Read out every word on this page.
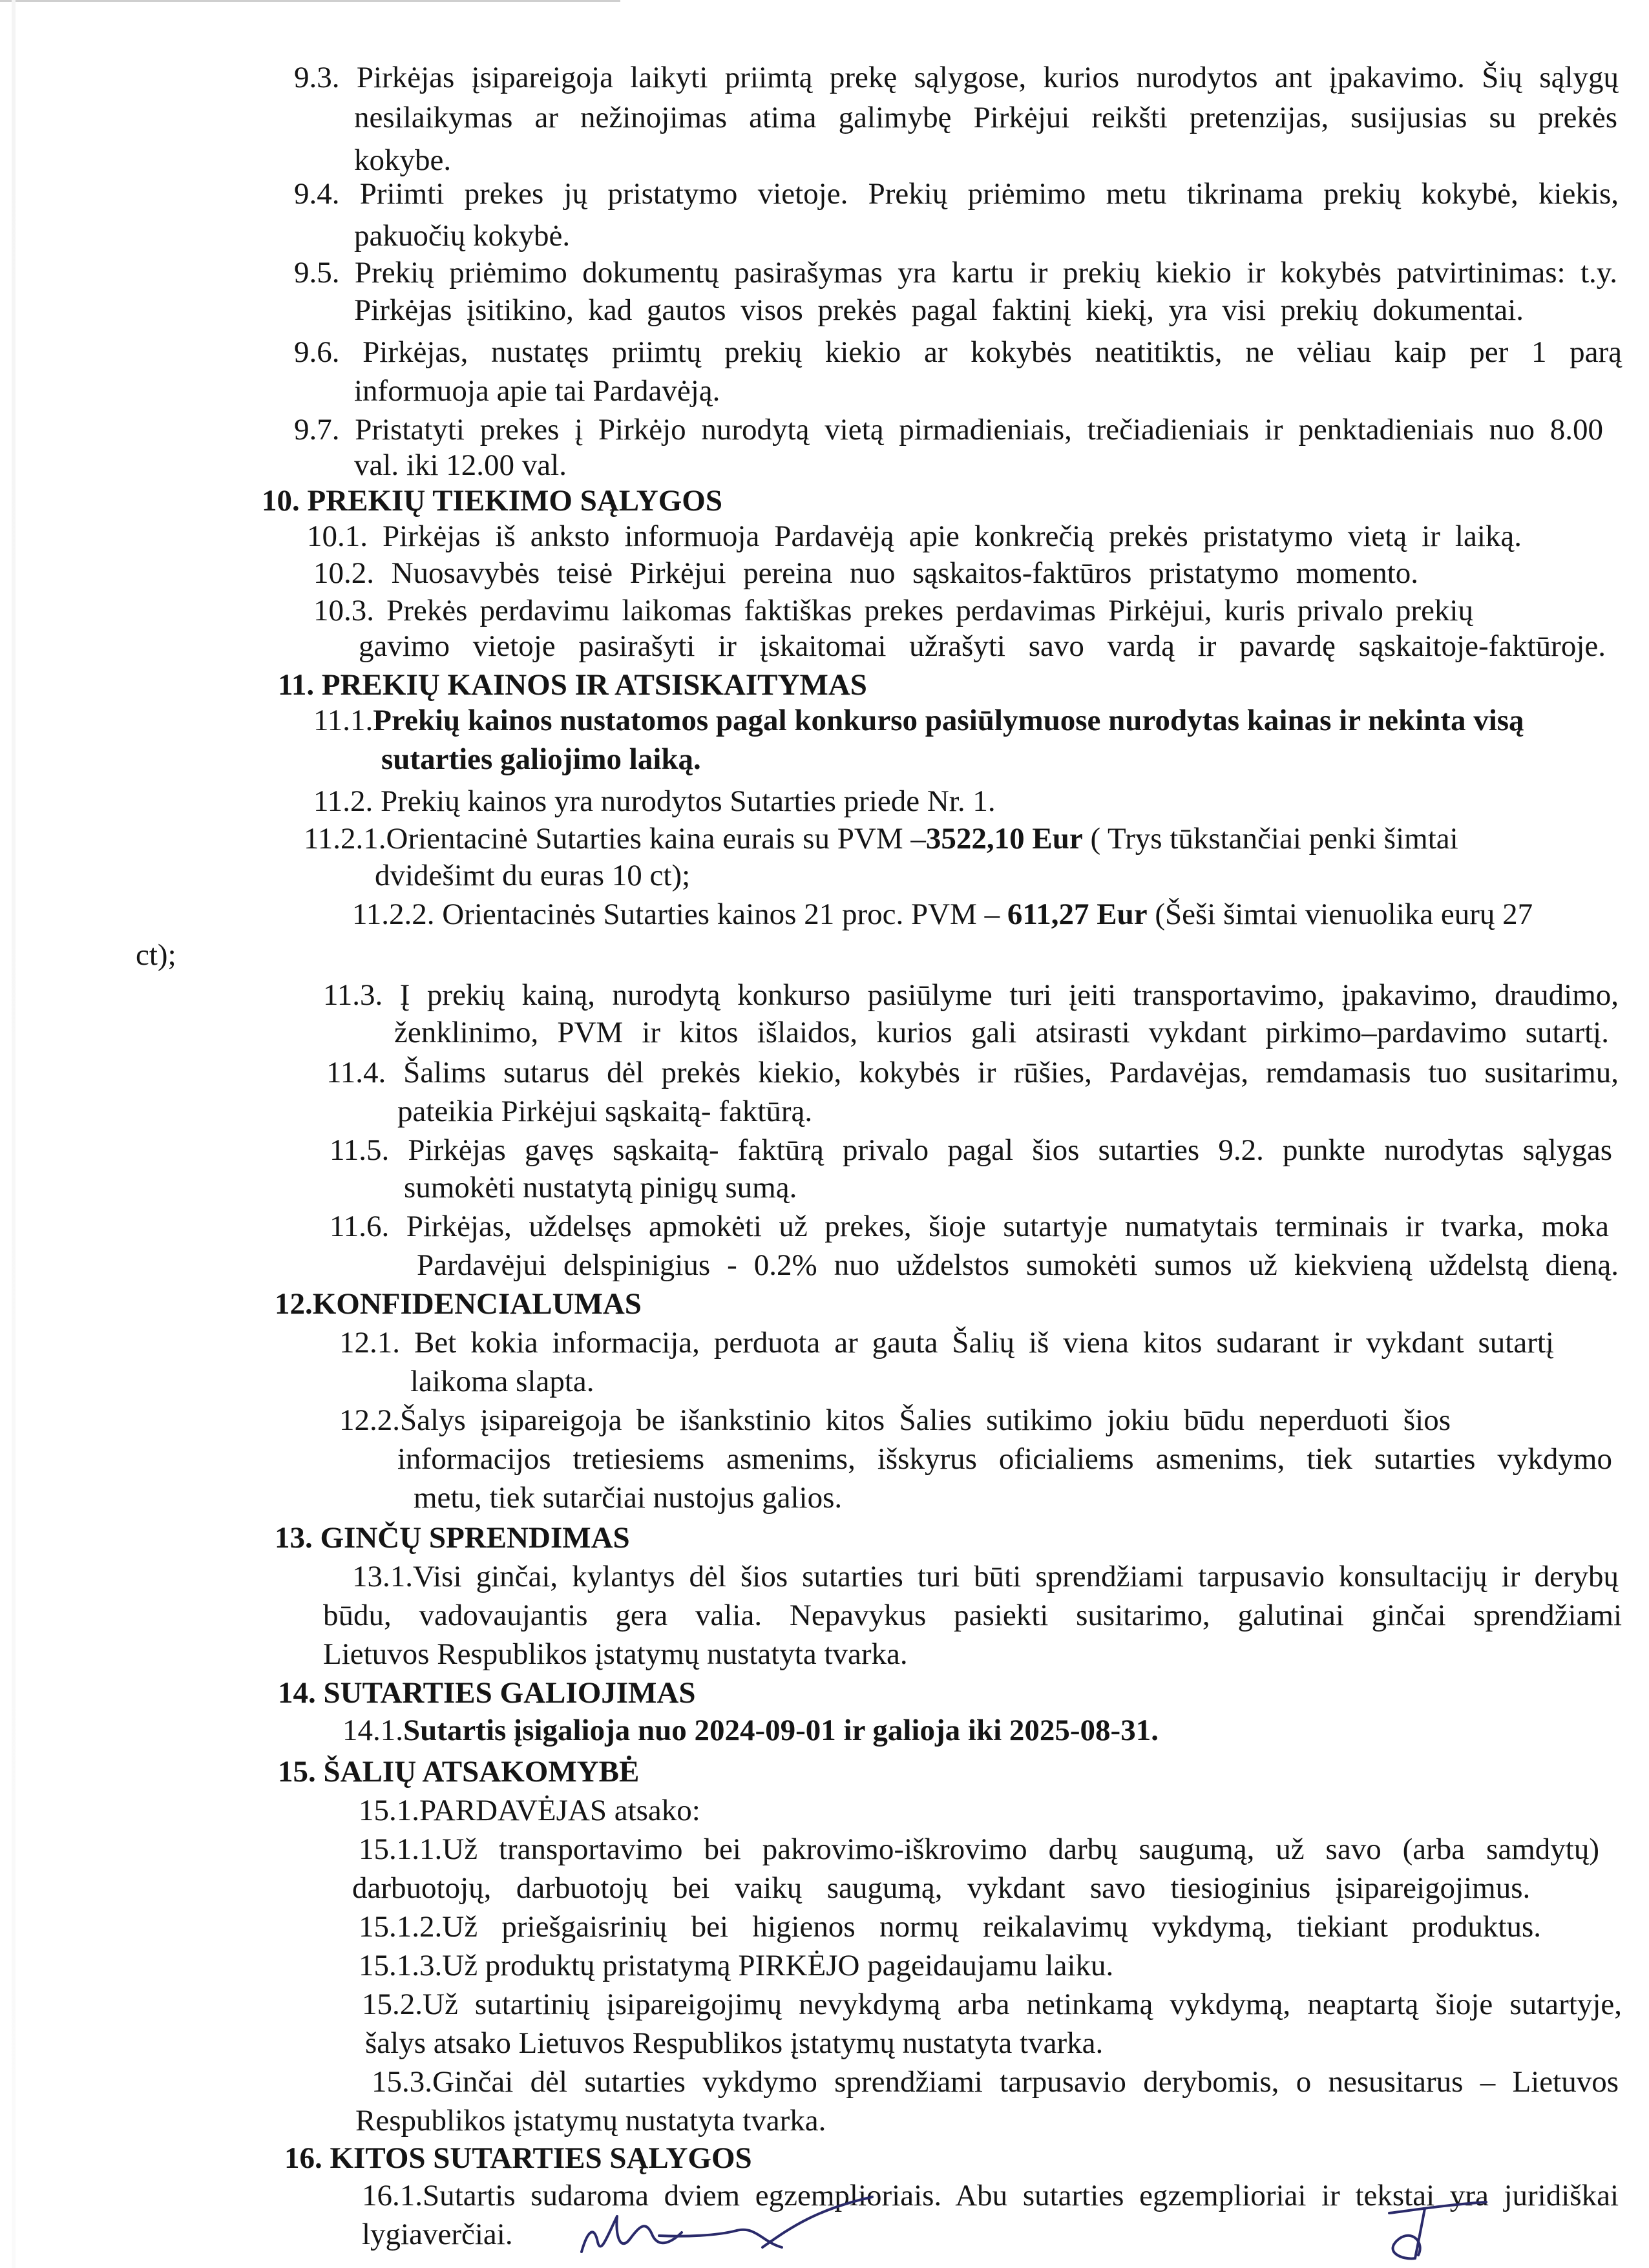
9.3. Pirkėjas įsipareigoja laikyti priimtą prekę sąlygose, kurios nurodytos ant įpakavimo. Šių sąlygų
nesilaikymas ar nežinojimas atima galimybę Pirkėjui reikšti pretenzijas, susijusias su prekės
kokybe.
9.4. Priimti prekes jų pristatymo vietoje. Prekių priėmimo metu tikrinama prekių kokybė, kiekis,
pakuočių kokybė.
9.5. Prekių priėmimo dokumentų pasirašymas yra kartu ir prekių kiekio ir kokybės patvirtinimas: t.y.
Pirkėjas įsitikino, kad gautos visos prekės pagal faktinį kiekį, yra visi prekių dokumentai.
9.6. Pirkėjas, nustatęs priimtų prekių kiekio ar kokybės neatitiktis, ne vėliau kaip per 1 parą
informuoja apie tai Pardavėją.
9.7. Pristatyti prekes į Pirkėjo nurodytą vietą pirmadieniais, trečiadieniais ir penktadieniais nuo 8.00
val. iki 12.00 val.
10. PREKIŲ TIEKIMO SĄLYGOS
10.1. Pirkėjas iš anksto informuoja Pardavėją apie konkrečią prekės pristatymo vietą ir laiką.
10.2. Nuosavybės teisė Pirkėjui pereina nuo sąskaitos-faktūros pristatymo momento.
10.3. Prekės perdavimu laikomas faktiškas prekes perdavimas Pirkėjui, kuris privalo prekių
gavimo vietoje pasirašyti ir įskaitomai užrašyti savo vardą ir pavardę sąskaitoje-faktūroje.
11. PREKIŲ KAINOS IR ATSISKAITYMAS
11.1.Prekių kainos nustatomos pagal konkurso pasiūlymuose nurodytas kainas ir nekinta visą
sutarties galiojimo laiką.
11.2. Prekių kainos yra nurodytos Sutarties priede Nr. 1.
11.2.1.Orientacinė Sutarties kaina eurais su PVM –3522,10 Eur ( Trys tūkstančiai penki šimtai
dvidešimt du euras 10 ct);
11.2.2. Orientacinės Sutarties kainos 21 proc. PVM – 611,27 Eur (Šeši šimtai vienuolika eurų 27
ct);
11.3. Į prekių kainą, nurodytą konkurso pasiūlyme turi įeiti transportavimo, įpakavimo, draudimo,
ženklinimo, PVM ir kitos išlaidos, kurios gali atsirasti vykdant pirkimo–pardavimo sutartį.
11.4. Šalims sutarus dėl prekės kiekio, kokybės ir rūšies, Pardavėjas, remdamasis tuo susitarimu,
pateikia Pirkėjui sąskaitą- faktūrą.
11.5. Pirkėjas gavęs sąskaitą- faktūrą privalo pagal šios sutarties 9.2. punkte nurodytas sąlygas
sumokėti nustatytą pinigų sumą.
11.6. Pirkėjas, uždelsęs apmokėti už prekes, šioje sutartyje numatytais terminais ir tvarka, moka
Pardavėjui delspinigius - 0.2% nuo uždelstos sumokėti sumos už kiekvieną uždelstą dieną.
12.KONFIDENCIALUMAS
12.1. Bet kokia informacija, perduota ar gauta Šalių iš viena kitos sudarant ir vykdant sutartį
laikoma slapta.
12.2.Šalys įsipareigoja be išankstinio kitos Šalies sutikimo jokiu būdu neperduoti šios
informacijos tretiesiems asmenims, išskyrus oficialiems asmenims, tiek sutarties vykdymo
metu, tiek sutarčiai nustojus galios.
13. GINČŲ SPRENDIMAS
13.1.Visi ginčai, kylantys dėl šios sutarties turi būti sprendžiami tarpusavio konsultacijų ir derybų
būdu, vadovaujantis gera valia. Nepavykus pasiekti susitarimo, galutinai ginčai sprendžiami
Lietuvos Respublikos įstatymų nustatyta tvarka.
14. SUTARTIES GALIOJIMAS
14.1.Sutartis įsigalioja nuo 2024-09-01 ir galioja iki 2025-08-31.
15. ŠALIŲ ATSAKOMYBĖ
15.1.PARDAVĖJAS atsako:
15.1.1.Už transportavimo bei pakrovimo-iškrovimo darbų saugumą, už savo (arba samdytų)
darbuotojų, darbuotojų bei vaikų saugumą, vykdant savo tiesioginius įsipareigojimus.
15.1.2.Už priešgaisrinių bei higienos normų reikalavimų vykdymą, tiekiant produktus.
15.1.3.Už produktų pristatymą PIRKĖJO pageidaujamu laiku.
15.2.Už sutartinių įsipareigojimų nevykdymą arba netinkamą vykdymą, neaptartą šioje sutartyje,
šalys atsako Lietuvos Respublikos įstatymų nustatyta tvarka.
15.3.Ginčai dėl sutarties vykdymo sprendžiami tarpusavio derybomis, o nesusitarus – Lietuvos
Respublikos įstatymų nustatyta tvarka.
16. KITOS SUTARTIES SĄLYGOS
16.1.Sutartis sudaroma dviem egzemplioriais. Abu sutarties egzemplioriai ir tekstai yra juridiškai
lygiaverčiai.
